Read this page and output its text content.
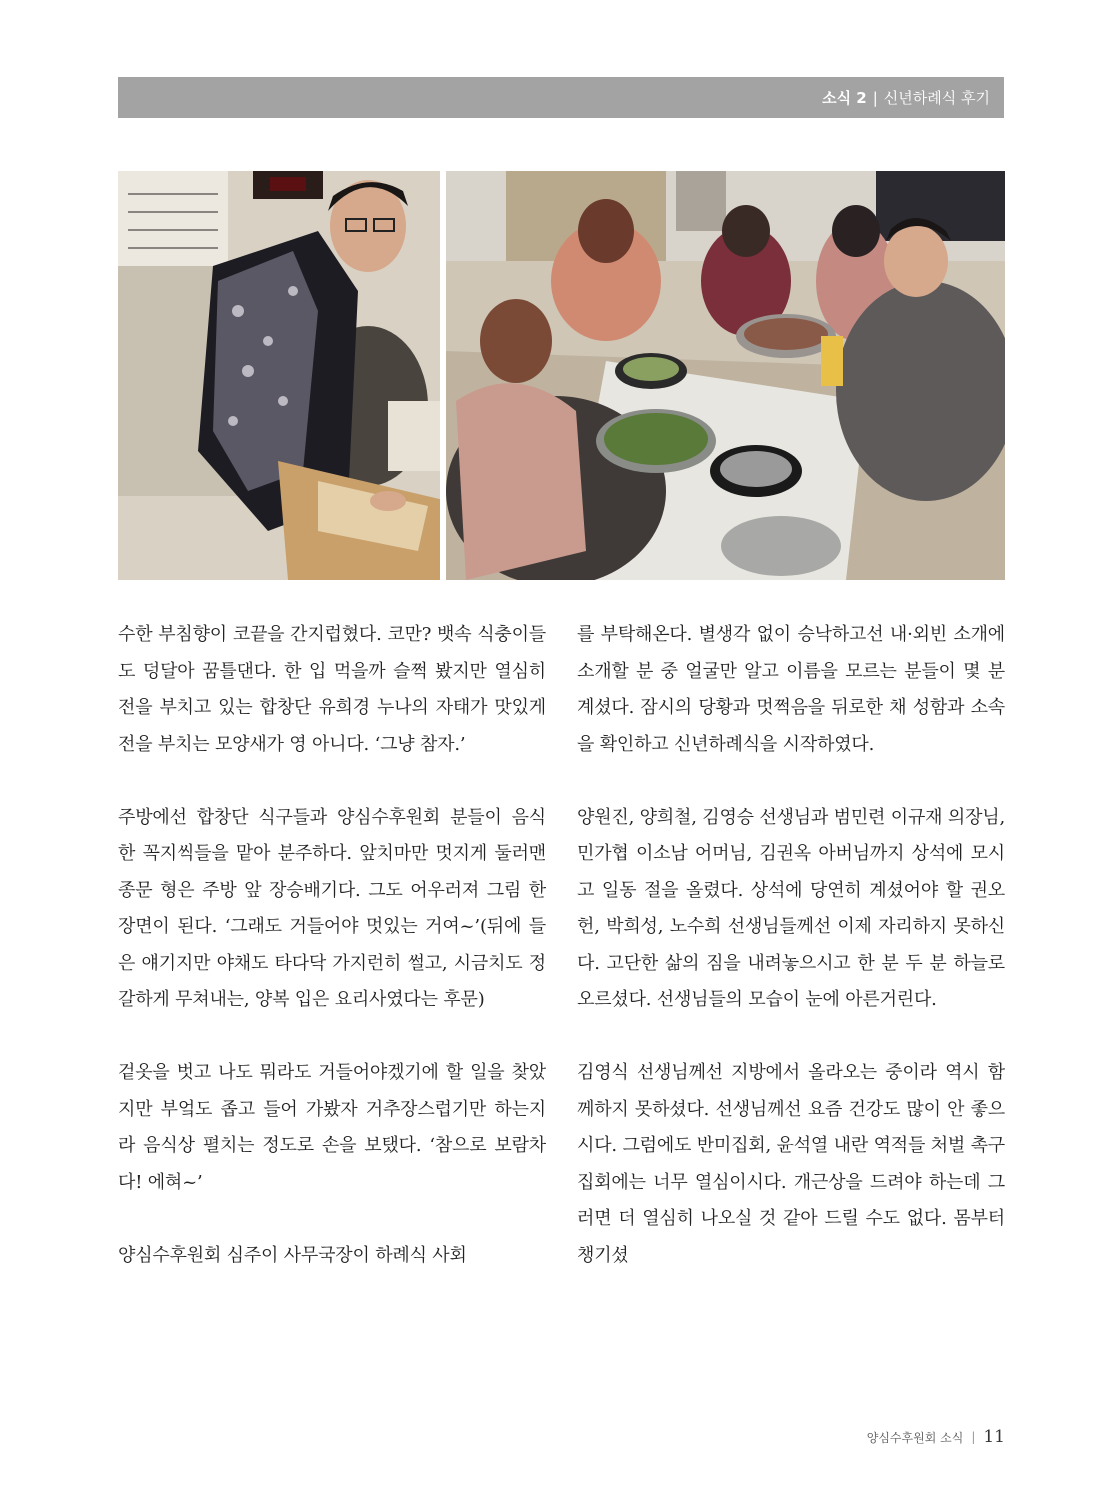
소식 2 | 신년하례식 후기

수한 부침향이 코끝을 간지럽혔다. 코만? 뱃속 식충이들도 덩달아 꿈틀댄다. 한 입 먹을까 슬쩍 봤지만 열심히 전을 부치고 있는 합창단 유희경 누나의 자태가 맛있게 전을 부치는 모양새가 영 아니다. ‘그냥 참자.’

주방에선 합창단 식구들과 양심수후원회 분들이 음식 한 꼭지씩들을 맡아 분주하다. 앞치마만 멋지게 둘러맨 종문 형은 주방 앞 장승배기다. 그도 어우러져 그림 한 장면이 된다. ‘그래도 거들어야 멋있는 거여~’(뒤에 들은 얘기지만 야채도 타다닥 가지런히 썰고, 시금치도 정갈하게 무쳐내는, 양복 입은 요리사였다는 후문)

겉옷을 벗고 나도 뭐라도 거들어야겠기에 할 일을 찾았지만 부엌도 좁고 들어 가봤자 거추장스럽기만 하는지라 음식상 펼치는 정도로 손을 보탰다. ‘참으로 보람차다! 에혀~’

양심수후원회 심주이 사무국장이 하례식 사회

를 부탁해온다. 별생각 없이 승낙하고선 내·외빈 소개에 소개할 분 중 얼굴만 알고 이름을 모르는 분들이 몇 분 계셨다. 잠시의 당황과 멋쩍음을 뒤로한 채 성함과 소속을 확인하고 신년하례식을 시작하였다.

양원진, 양희철, 김영승 선생님과 범민련 이규재 의장님, 민가협 이소남 어머님, 김권옥 아버님까지 상석에 모시고 일동 절을 올렸다. 상석에 당연히 계셨어야 할 권오헌, 박희성, 노수희 선생님들께선 이제 자리하지 못하신다. 고단한 삶의 짐을 내려놓으시고 한 분 두 분 하늘로 오르셨다. 선생님들의 모습이 눈에 아른거린다.

김영식 선생님께선 지방에서 올라오는 중이라 역시 함께하지 못하셨다. 선생님께선 요즘 건강도 많이 안 좋으시다. 그럼에도 반미집회, 윤석열 내란 역적들 처벌 촉구 집회에는 너무 열심이시다. 개근상을 드려야 하는데 그러면 더 열심히 나오실 것 같아 드릴 수도 없다. 몸부터 챙기셨

양심수후원회 소식 | 11
